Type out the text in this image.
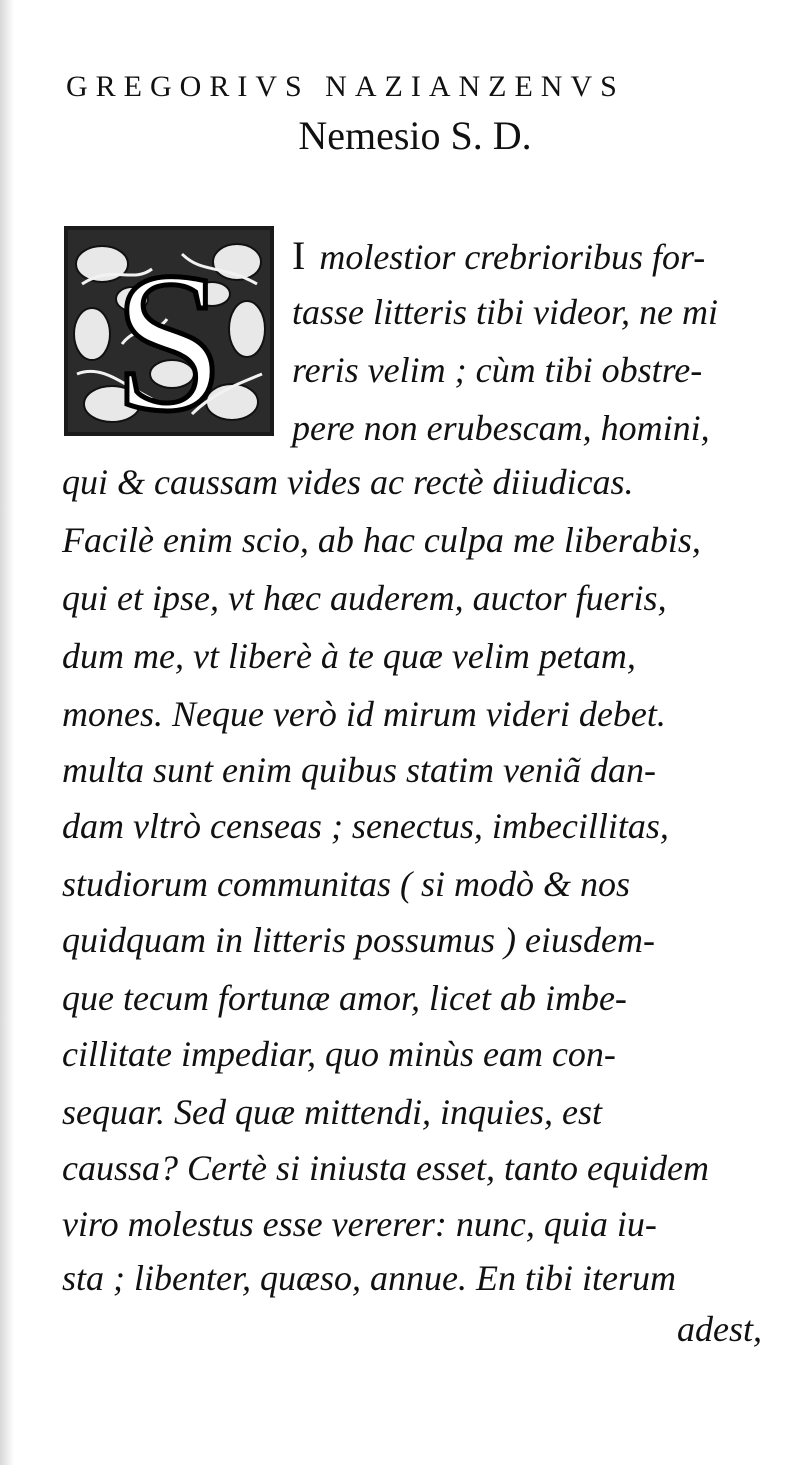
GREGORIVS NAZIANZENVS
Nemesio S. D.
S I molestior crebrioribus for-
tasse litteris tibi videor, ne mi
reris velim ; cùm tibi obstre-
pere non erubescam, homini,
qui & caussam vides ac rectè diiudicas.
Facilè enim scio, ab hac culpa me liberabis,
qui et ipse, vt hæc auderem, auctor fueris,
dum me, vt liberè à te quæ velim petam,
mones. Neque verò id mirum videri debet.
multa sunt enim quibus statim veniã dan-
dam vltrò censeas ; senectus, imbecillitas,
studiorum communitas ( si modò & nos
quidquam in litteris possumus ) eiusdem-
que tecum fortunæ amor, licet ab imbe-
cillitate impediar, quo minùs eam con-
sequar. Sed quæ mittendi, inquies, est
caussa? Certè si iniusta esset, tanto equidem
viro molestus esse vererer: nunc, quia iu-
sta ; libenter, quæso, annue. En tibi iterum
adest,
